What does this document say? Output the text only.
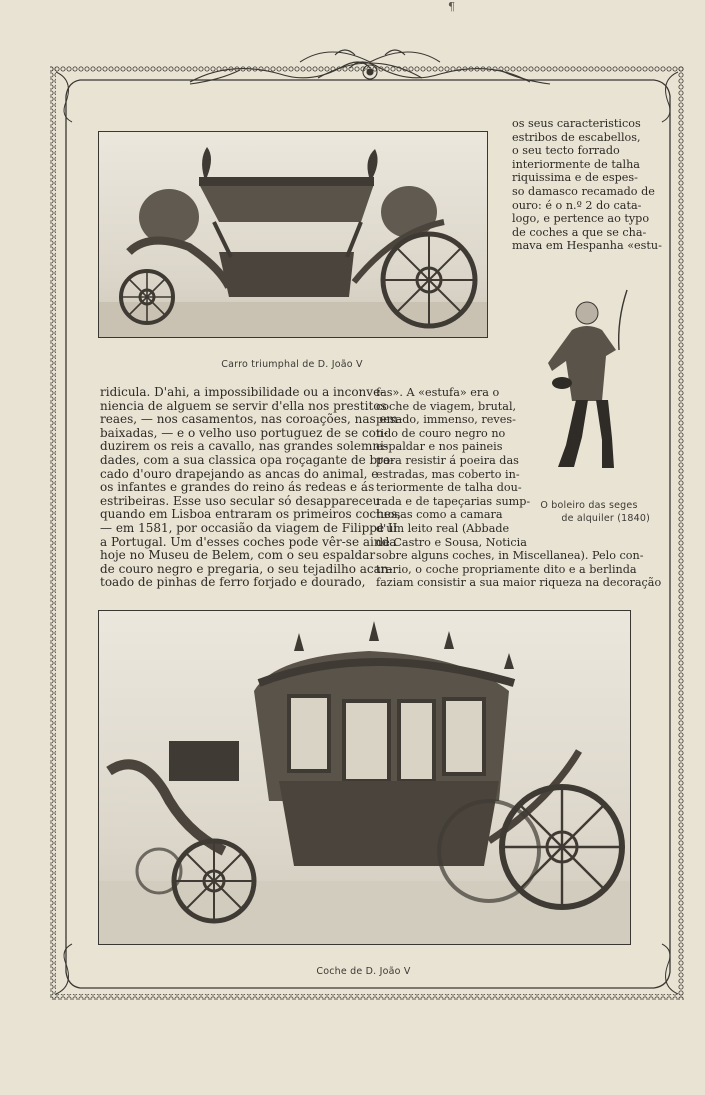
¶
Carro triumphal de D. João V
os seus caracteristicos
estribos de escabellos,
o seu tecto forrado
interiormente de talha
riquissima e de espes-
so damasco recamado de
ouro: é o n.º 2 do cata-
logo, e pertence ao typo
de coches a que se cha-
mava em Hespanha «estu-
O boleiro das seges
de alquiler (1840)
ridicula. D'ahi, a impossibilidade ou a inconve-
niencia de alguem se servir d'ella nos prestitos
reaes, — nos casamentos, nas coroações, nas em-
baixadas, — e o velho uso portuguez de se con-
duzirem os reis a cavallo, nas grandes solemni-
dades, com a sua classica opa roçagante de bro-
cado d'ouro drapejando as ancas do animal, e
os infantes e grandes do reino ás redeas e ás
estribeiras. Esse uso secular só desappareceu
quando em Lisboa entraram os primeiros coches,
— em 1581, por occasião da viagem de Filippe II
a Portugal. Um d'esses coches pode vêr-se ainda
hoje no Museu de Belem, com o seu espaldar
de couro negro e pregaria, o seu tejadilho acan-
toado de pinhas de ferro forjado e dourado,
fas». A «estufa» era o
coche de viagem, brutal,
pesado, immenso, reves-
tido de couro negro no
espaldar e nos paineis
para resistir á poeira das
estradas, mas coberto in-
teriormente de talha dou-
rada e de tapeçarias sump-
tuosas como a camara
d'um leito real (Abbade
de Castro e Sousa, Noticia
sobre alguns coches, in Miscellanea). Pelo con-
trario, o coche propriamente dito e a berlinda
faziam consistir a sua maior riqueza na decoração
Coche de D. João V
